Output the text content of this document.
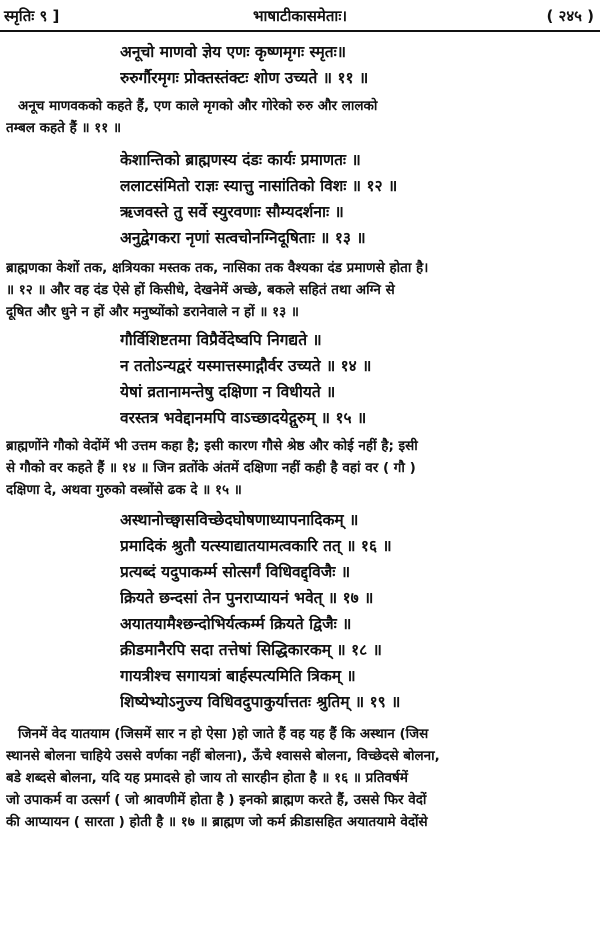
स्मृतिः ९ ]	भाषाटीकासमेताः।	( २४५ )
अनूचो माणवो ज्ञेय एणः कृष्णमृगः स्मृतः॥
रुरुर्गौरमृगः प्रोक्तस्तंक्टः शोण उच्यते ॥ ११ ॥
अनूच माणवकको कहते हैं, एण काले मृगको और गोरेको रुरु और लालको
तम्बल कहते हैं ॥ ११ ॥
केशान्तिको ब्राह्मणस्य दंडः कार्यः प्रमाणतः ॥
ललाटसंमितो राज्ञः स्यात्तु नासांतिको विशः ॥ १२ ॥
ऋजवस्ते तु सर्वे स्युरवणाः सौम्यदर्शनाः ॥
अनुद्वेगकरा नृणां सत्वचोनग्निदूषिताः ॥ १३ ॥
ब्राह्मणका केशों तक, क्षत्रियका मस्तक तक, नासिका तक वैश्यका दंड प्रमाणसे होता है।
॥ १२ ॥ और वह दंड ऐसे हों किसीधे, देखनेमें अच्छे, बकले सहितं तथा अग्नि से
दूषित और धुने न हों और मनुष्योंको डरानेवाले न हों ॥ १३ ॥
गौर्विशिष्टतमा विप्रैर्वेदेष्वपि निगद्यते ॥
न ततोऽन्यद्वरं यस्मात्तस्माद्गौर्वर उच्यते ॥ १४ ॥
येषां व्रतानामन्तेषु दक्षिणा न विधीयते ॥
वरस्तत्र भवेद्दानमपि वाऽच्छादयेद्गुरुम् ॥ १५ ॥
ब्राह्मणोंने गौको वेदोंमें भी उत्तम कहा है; इसी कारण गौसे श्रेष्ठ और कोई नहीं है; इसी
से गौको वर कहते हैं ॥ १४ ॥ जिन व्रतोंके अंतमें दक्षिणा नहीं कही है वहां वर ( गौ )
दक्षिणा दे, अथवा गुरुको वस्त्रोंसे ढक दे ॥ १५ ॥
अस्थानोच्छ्वासविच्छेदघोषणाध्यापनादिकम् ॥
प्रमादिकं श्रुतौ यत्स्याद्यातयामत्वकारि तत् ॥ १६ ॥
प्रत्यब्दं यदुपाकर्म्म सोत्सर्गं विधिवद्द्विजैः ॥
क्रियते छन्दसां तेन पुनराप्यायनं भवेत् ॥ १७ ॥
अयातयामैश्छन्दोभिर्यत्कर्म्म क्रियते द्विजैः ॥
क्रीडमानैरपि सदा तत्तेषां सिद्धिकारकम् ॥ १८ ॥
गायत्रीश्च सगायत्रां बार्हस्पत्यमिति त्रिकम् ॥
शिष्येभ्योऽनुज्य विधिवदुपाकुर्यात्ततः श्रुतिम् ॥ १९ ॥
जिनमें वेद यातयाम (जिसमें सार न हो ऐसा )हो जाते हैं वह यह हैं कि अस्थान (जिस
स्थानसे बोलना चाहिये उससे वर्णका नहीं बोलना), ऊँचे श्वाससे बोलना, विच्छेदसे बोलना,
बडे शब्दसे बोलना, यदि यह प्रमादसे हो जाय तो सारहीन होता है ॥ १६ ॥ प्रतिवर्षमें
जो उपाकर्म वा उत्सर्ग ( जो श्रावणीमें होता है ) इनको ब्राह्मण करते हैं, उससे फिर वेदों
की आप्यायन ( सारता ) होती है ॥ १७ ॥ ब्राह्मण जो कर्म क्रीडासहित अयातयामे वेदोंसे
